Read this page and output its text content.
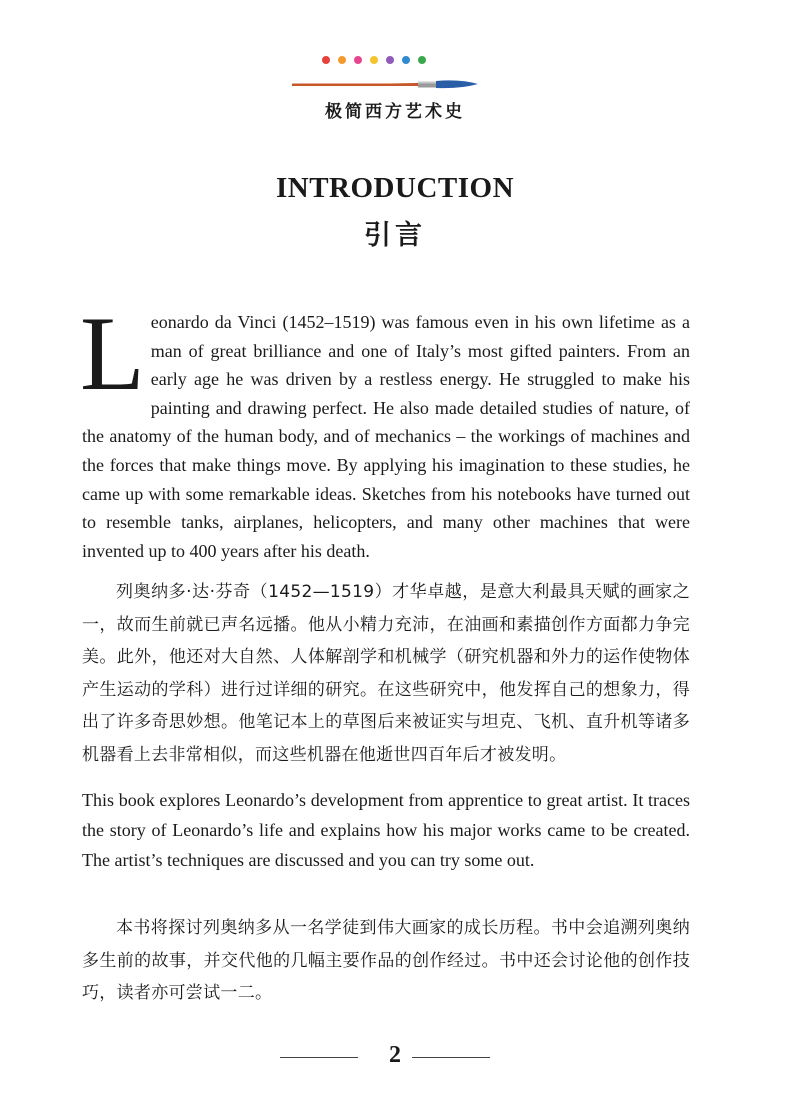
极简西方艺术史
INTRODUCTION
引言

Leonardo da Vinci (1452–1519) was famous even in his own lifetime as a man of great brilliance and one of Italy’s most gifted painters. From an early age he was driven by a restless energy. He struggled to make his painting and drawing perfect. He also made detailed studies of nature, of the anatomy of the human body, and of mechanics – the workings of machines and the forces that make things move. By applying his imagination to these studies, he came up with some remarkable ideas. Sketches from his notebooks have turned out to resemble tanks, airplanes, helicopters, and many other machines that were invented up to 400 years after his death.

列奥纳多·达·芬奇（1452—1519）才华卓越，是意大利最具天赋的画家之一，故而生前就已声名远播。他从小精力充沛，在油画和素描创作方面都力争完美。此外，他还对大自然、人体解剖学和机械学（研究机器和外力的运作使物体产生运动的学科）进行过详细的研究。在这些研究中，他发挥自己的想象力，得出了许多奇思妙想。他笔记本上的草图后来被证实与坦克、飞机、直升机等诸多机器看上去非常相似，而这些机器在他逝世四百年后才被发明。

This book explores Leonardo’s development from apprentice to great artist. It traces the story of Leonardo’s life and explains how his major works came to be created. The artist’s techniques are discussed and you can try some out.

本书将探讨列奥纳多从一名学徒到伟大画家的成长历程。书中会追溯列奥纳多生前的故事，并交代他的几幅主要作品的创作经过。书中还会讨论他的创作技巧，读者亦可尝试一二。

2
